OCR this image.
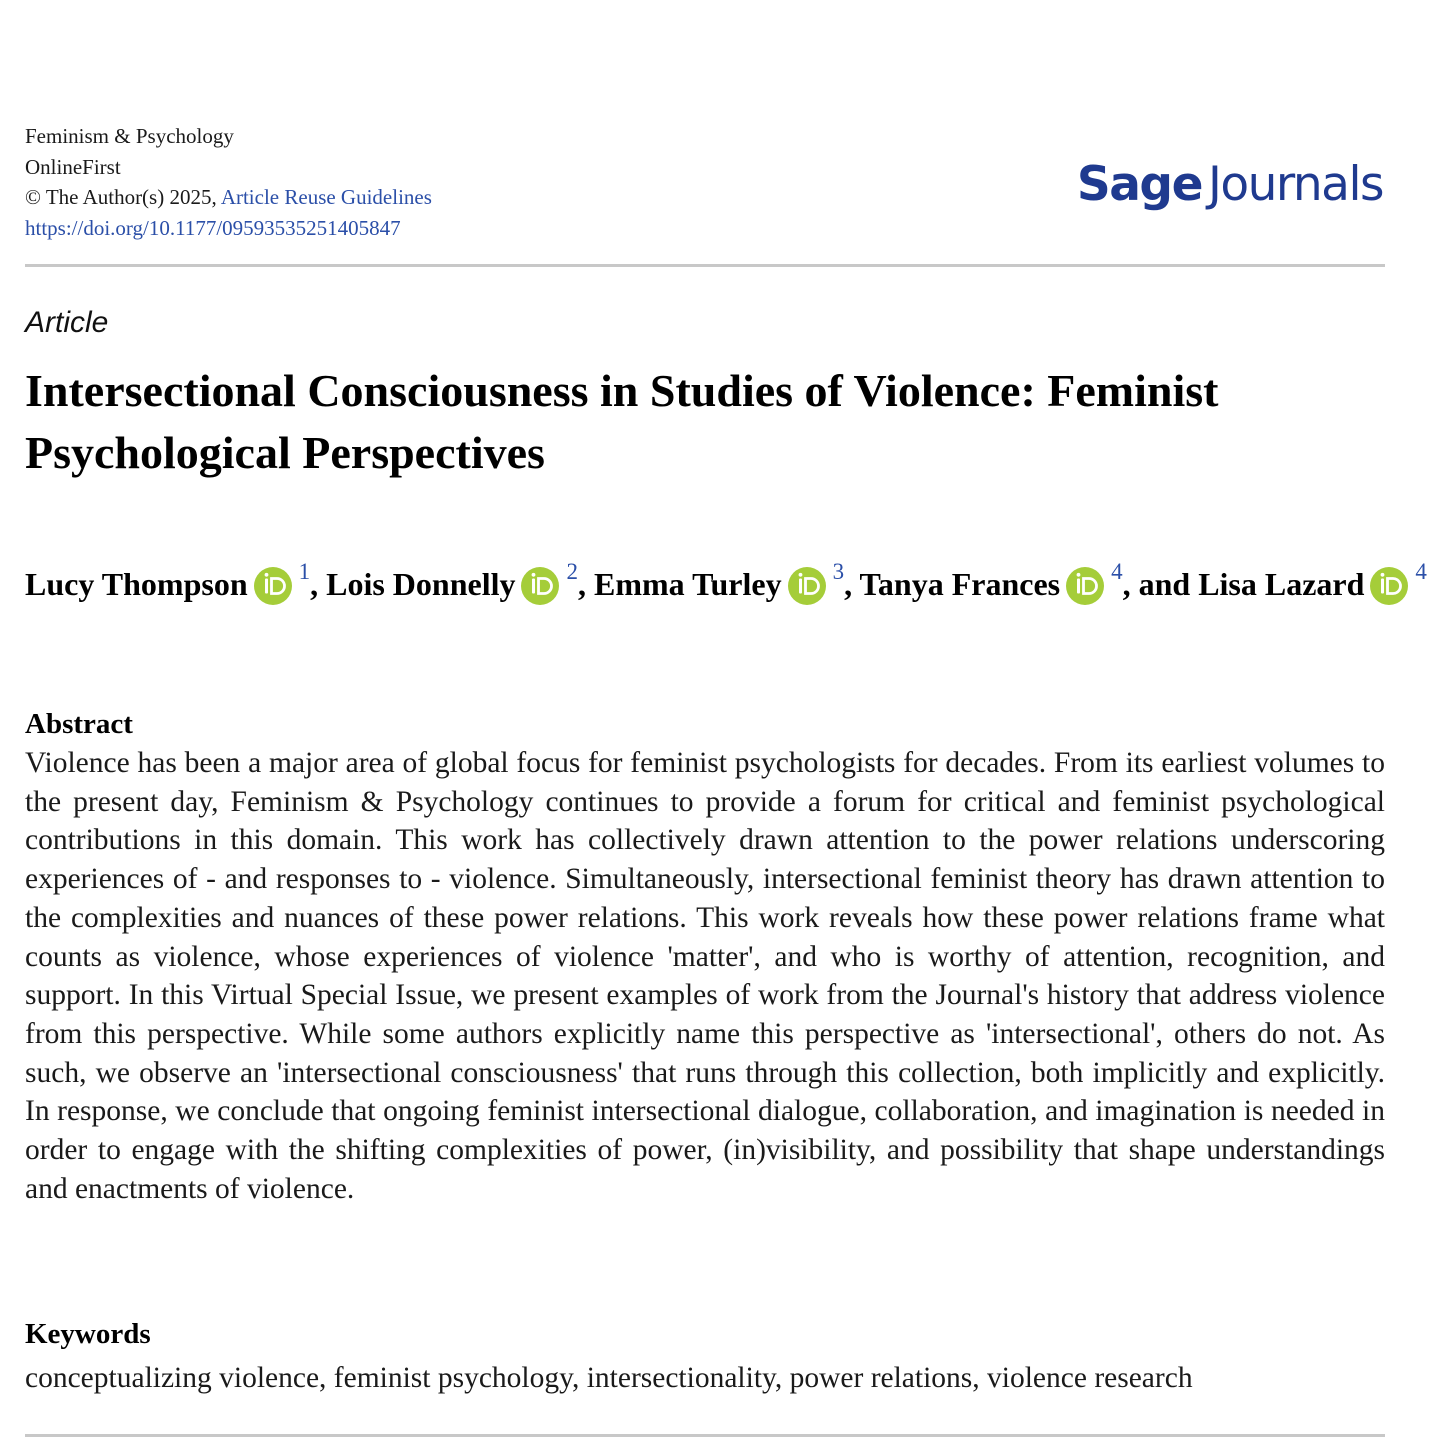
Feminism & Psychology
OnlineFirst
© The Author(s) 2025, Article Reuse Guidelines
https://doi.org/10.1177/09593535251405847
Sage Journals
Article
Intersectional Consciousness in Studies of Violence: Feminist Psychological Perspectives
Lucy Thompson $^1$, Lois Donnelly $^2$, Emma Turley $^3$, Tanya Frances $^4$, and Lisa Lazard $^4$
Abstract

Violence has been a major area of global focus for feminist psychologists for decades. From its earliest volumes to the present day, Feminism & Psychology continues to provide a forum for critical and feminist psychological contributions in this domain. This work has collectively drawn attention to the power relations underscoring experiences of - and responses to - violence. Simultaneously, intersectional feminist theory has drawn attention to the complexities and nuances of these power relations. This work reveals how these power relations frame what counts as violence, whose experiences of violence 'matter', and who is worthy of attention, recognition, and support. In this Virtual Special Issue, we present examples of work from the Journal's history that address violence from this perspective. While some authors explicitly name this perspective as 'intersectional', others do not. As such, we observe an 'intersectional consciousness' that runs through this collection, both implicitly and explicitly. In response, we conclude that ongoing feminist intersectional dialogue, collaboration, and imagination is needed in order to engage with the shifting complexities of power, (in)visibility, and possibility that shape understandings and enactments of violence.

Keywords
conceptualizing violence, feminist psychology, intersectionality, power relations, violence research
